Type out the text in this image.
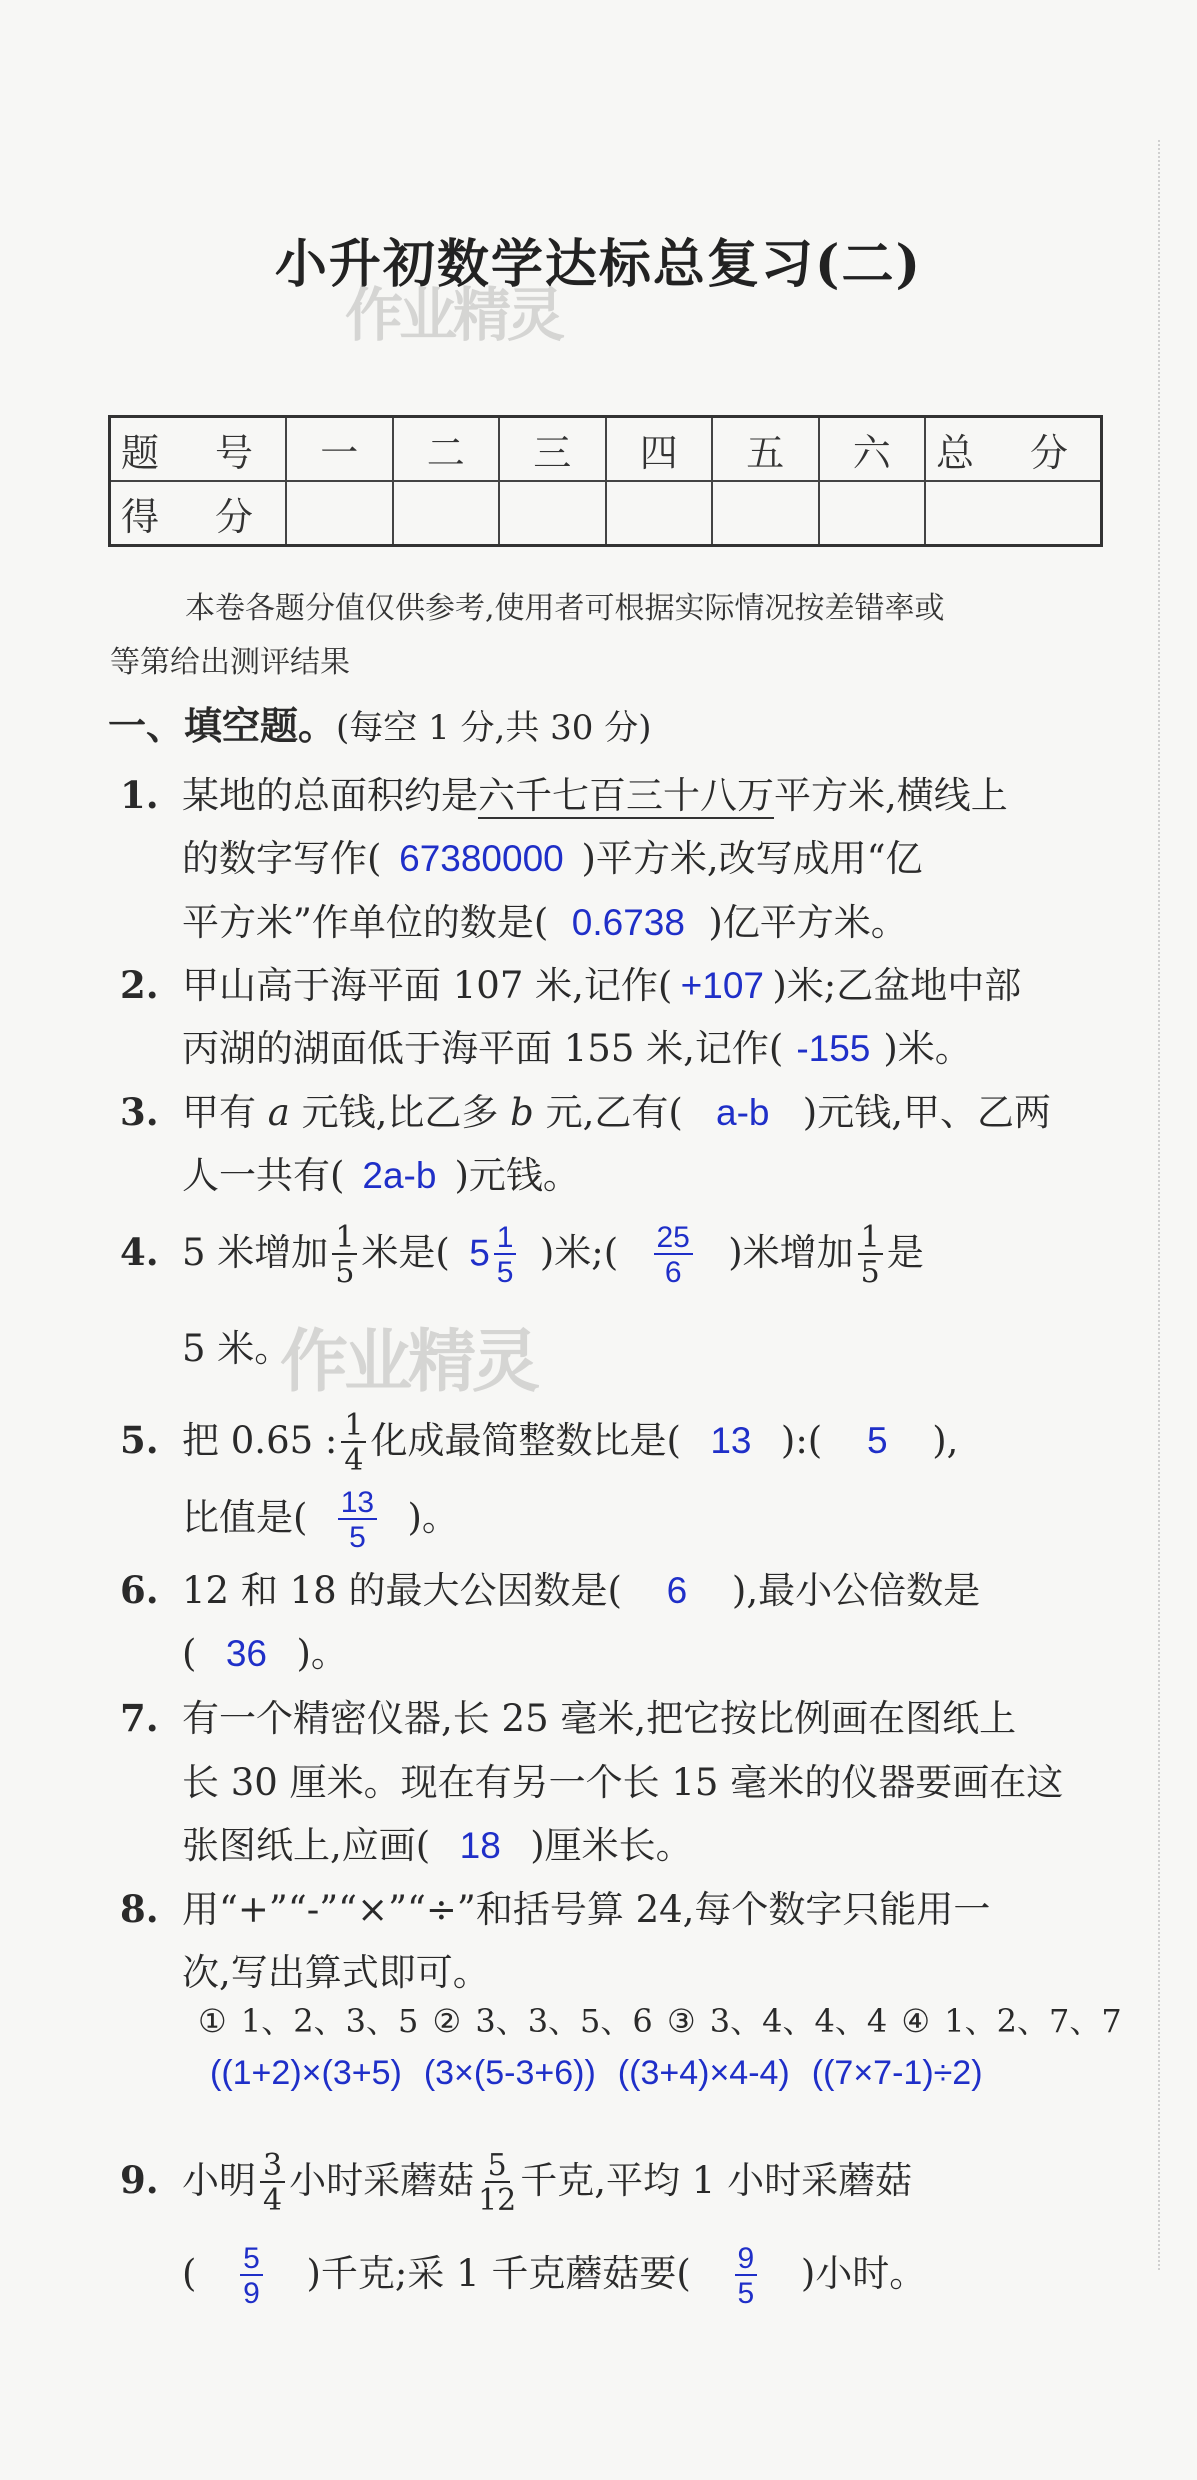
小升初数学达标总复习(二)
作业精灵
作业精灵
题 号	一	二	三	四	五	六	总 分
得 分							
本卷各题分值仅供参考,使用者可根据实际情况按差错率或
等第给出测评结果
一、填空题。(每空 1 分,共 30 分)
1. 某地的总面积约是六千七百三十八万平方米,横线上
的数字写作( 67380000 )平方米,改写成用“亿
平方米”作单位的数是( 0.6738 )亿平方米。
2. 甲山高于海平面 107 米,记作( +107 )米;乙盆地中部
丙湖的湖面低于海平面 155 米,记作( -155 )米。
3. 甲有 a 元钱,比乙多 b 元,乙有( a-b )元钱,甲、乙两
人一共有( 2a-b )元钱。
4. 5 米增加 $\frac{1}{5}$ 米是( $5 \frac{1}{5}$ )米;( $\frac{25}{6}$ )米增加 $\frac{1}{5}$ 是
5 米。
5. 把 0.65 : $\frac{1}{4}$ 化成最简整数比是( 13 ):( 5 ),
比值是( $\frac{13}{5}$ )。
6. 12 和 18 的最大公因数是( 6 ),最小公倍数是
( 36 )。
7. 有一个精密仪器,长 25 毫米,把它按比例画在图纸上
长 30 厘米。现在有另一个长 15 毫米的仪器要画在这
张图纸上,应画( 18 )厘米长。
8. 用“+”“-”“×”“÷”和括号算 24,每个数字只能用一
次,写出算式即可。
① 1、2、3、5 ② 3、3、5、6 ③ 3、4、4、4 ④ 1、2、7、7
((1+2)×(3+5) (3×(5-3+6)) ((3+4)×4-4) ((7×7-1)÷2)
9. 小明 $\frac{3}{4}$ 小时采蘑菇 $\frac{5}{12}$ 千克,平均 1 小时采蘑菇
( $\frac{5}{9}$ )千克;采 1 千克蘑菇要( $\frac{9}{5}$ )小时。
